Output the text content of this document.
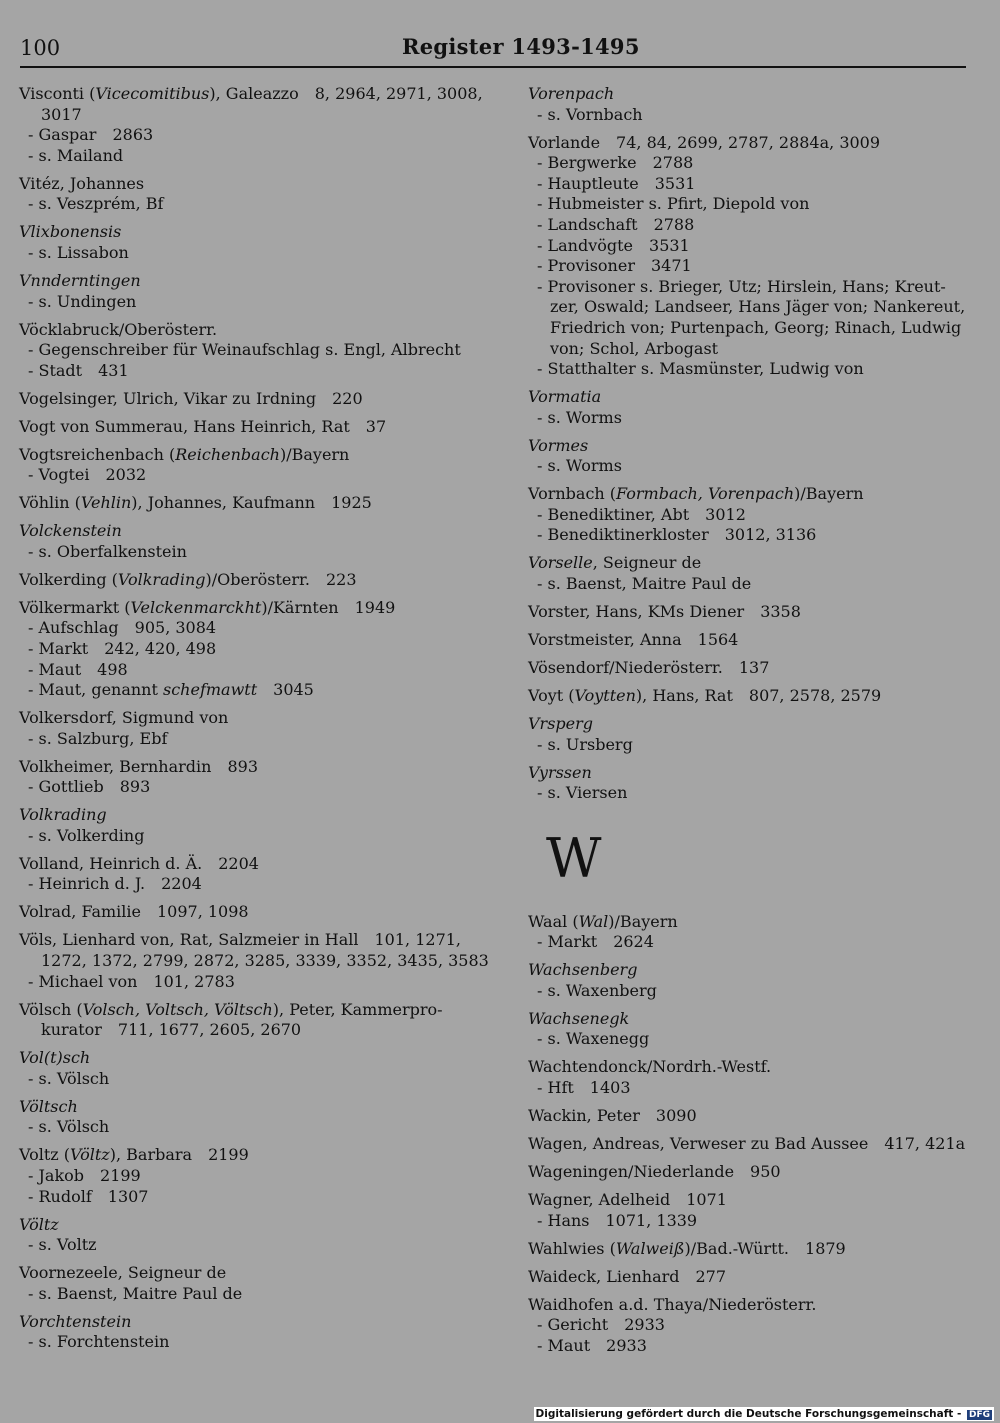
100	Register 1493-1495
Visconti (Vicecomitibus), Galeazzo 8, 2964, 2971, 3008,
3017
- Gaspar 2863
- s. Mailand
Vitéz, Johannes
- s. Veszprém, Bf
Vlixbonensis
- s. Lissabon
Vnnderntingen
- s. Undingen
Vöcklabruck/Oberösterr.
- Gegenschreiber für Weinaufschlag s. Engl, Albrecht
- Stadt 431
Vogelsinger, Ulrich, Vikar zu Irdning 220
Vogt von Summerau, Hans Heinrich, Rat 37
Vogtsreichenbach (Reichenbach)/Bayern
- Vogtei 2032
Vöhlin (Vehlin), Johannes, Kaufmann 1925
Volckenstein
- s. Oberfalkenstein
Volkerding (Volkrading)/Oberösterr. 223
Völkermarkt (Velckenmarckht)/Kärnten 1949
- Aufschlag 905, 3084
- Markt 242, 420, 498
- Maut 498
- Maut, genannt schefmawtt 3045
Volkersdorf, Sigmund von
- s. Salzburg, Ebf
Volkheimer, Bernhardin 893
- Gottlieb 893
Volkrading
- s. Volkerding
Volland, Heinrich d. Ä. 2204
- Heinrich d. J. 2204
Volrad, Familie 1097, 1098
Völs, Lienhard von, Rat, Salzmeier in Hall 101, 1271,
1272, 1372, 2799, 2872, 3285, 3339, 3352, 3435, 3583
- Michael von 101, 2783
Völsch (Volsch, Voltsch, Völtsch), Peter, Kammerpro-
kurator 711, 1677, 2605, 2670
Vol(t)sch
- s. Völsch
Völtsch
- s. Völsch
Voltz (Völtz), Barbara 2199
- Jakob 2199
- Rudolf 1307
Völtz
- s. Voltz
Voornezeele, Seigneur de
- s. Baenst, Maitre Paul de
Vorchtenstein
- s. Forchtenstein
Vorenpach
- s. Vornbach
Vorlande 74, 84, 2699, 2787, 2884a, 3009
- Bergwerke 2788
- Hauptleute 3531
- Hubmeister s. Pfirt, Diepold von
- Landschaft 2788
- Landvögte 3531
- Provisoner 3471
- Provisoner s. Brieger, Utz; Hirslein, Hans; Kreut-
zer, Oswald; Landseer, Hans Jäger von; Nankereut,
Friedrich von; Purtenpach, Georg; Rinach, Ludwig
von; Schol, Arbogast
- Statthalter s. Masmünster, Ludwig von
Vormatia
- s. Worms
Vormes
- s. Worms
Vornbach (Formbach, Vorenpach)/Bayern
- Benediktiner, Abt 3012
- Benediktinerkloster 3012, 3136
Vorselle, Seigneur de
- s. Baenst, Maitre Paul de
Vorster, Hans, KMs Diener 3358
Vorstmeister, Anna 1564
Vösendorf/Niederösterr. 137
Voyt (Voytten), Hans, Rat 807, 2578, 2579
Vrsperg
- s. Ursberg
Vyrssen
- s. Viersen
W
Waal (Wal)/Bayern
- Markt 2624
Wachsenberg
- s. Waxenberg
Wachsenegk
- s. Waxenegg
Wachtendonck/Nordrh.-Westf.
- Hft 1403
Wackin, Peter 3090
Wagen, Andreas, Verweser zu Bad Aussee 417, 421a
Wageningen/Niederlande 950
Wagner, Adelheid 1071
- Hans 1071, 1339
Wahlwies (Walweiß)/Bad.-Württ. 1879
Waideck, Lienhard 277
Waidhofen a.d. Thaya/Niederösterr.
- Gericht 2933
- Maut 2933
Digitalisierung gefördert durch die Deutsche Forschungsgemeinschaft - DFG
